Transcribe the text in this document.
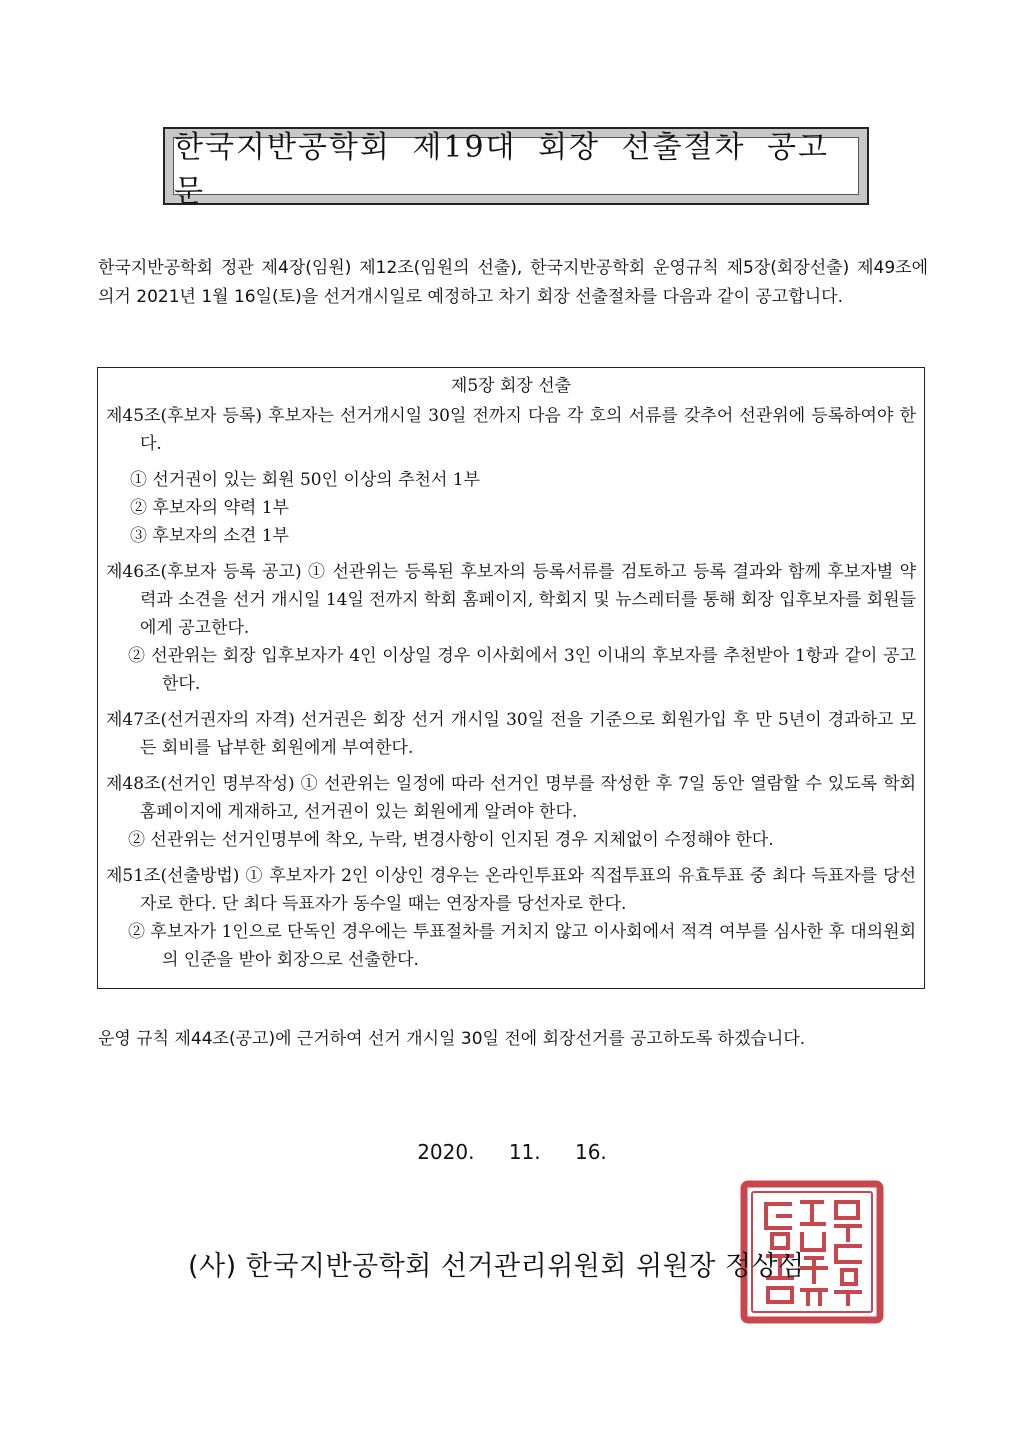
한국지반공학회 제19대 회장 선출절차 공고문
한국지반공학회 정관 제4장(임원) 제12조(임원의 선출), 한국지반공학회 운영규칙 제5장(회장선출) 제49조에 의거 2021년 1월 16일(토)을 선거개시일로 예정하고 차기 회장 선출절차를 다음과 같이 공고합니다.
제5장 회장 선출

제45조(후보자 등록) 후보자는 선거개시일 30일 전까지 다음 각 호의 서류를 갖추어 선관위에 등록하여야 한다.

① 선거권이 있는 회원 50인 이상의 추천서 1부

② 후보자의 약력 1부

③ 후보자의 소견 1부

제46조(후보자 등록 공고) ① 선관위는 등록된 후보자의 등록서류를 검토하고 등록 결과와 함께 후보자별 약력과 소견을 선거 개시일 14일 전까지 학회 홈페이지, 학회지 및 뉴스레터를 통해 회장 입후보자를 회원들에게 공고한다.

② 선관위는 회장 입후보자가 4인 이상일 경우 이사회에서 3인 이내의 후보자를 추천받아 1항과 같이 공고한다.

제47조(선거권자의 자격) 선거권은 회장 선거 개시일 30일 전을 기준으로 회원가입 후 만 5년이 경과하고 모든 회비를 납부한 회원에게 부여한다.

제48조(선거인 명부작성) ① 선관위는 일정에 따라 선거인 명부를 작성한 후 7일 동안 열람할 수 있도록 학회 홈페이지에 게재하고, 선거권이 있는 회원에게 알려야 한다.

② 선관위는 선거인명부에 착오, 누락, 변경사항이 인지된 경우 지체없이 수정해야 한다.

제51조(선출방법) ① 후보자가 2인 이상인 경우는 온라인투표와 직접투표의 유효투표 중 최다 득표자를 당선자로 한다. 단 최다 득표자가 동수일 때는 연장자를 당선자로 한다.

② 후보자가 1인으로 단독인 경우에는 투표절차를 거치지 않고 이사회에서 적격 여부를 심사한 후 대의원회의 인준을 받아 회장으로 선출한다.

운영 규칙 제44조(공고)에 근거하여 선거 개시일 30일 전에 회장선거를 공고하도록 하겠습니다.
2020. 11. 16.
(사) 한국지반공학회 선거관리위원회 위원장 정상섬
